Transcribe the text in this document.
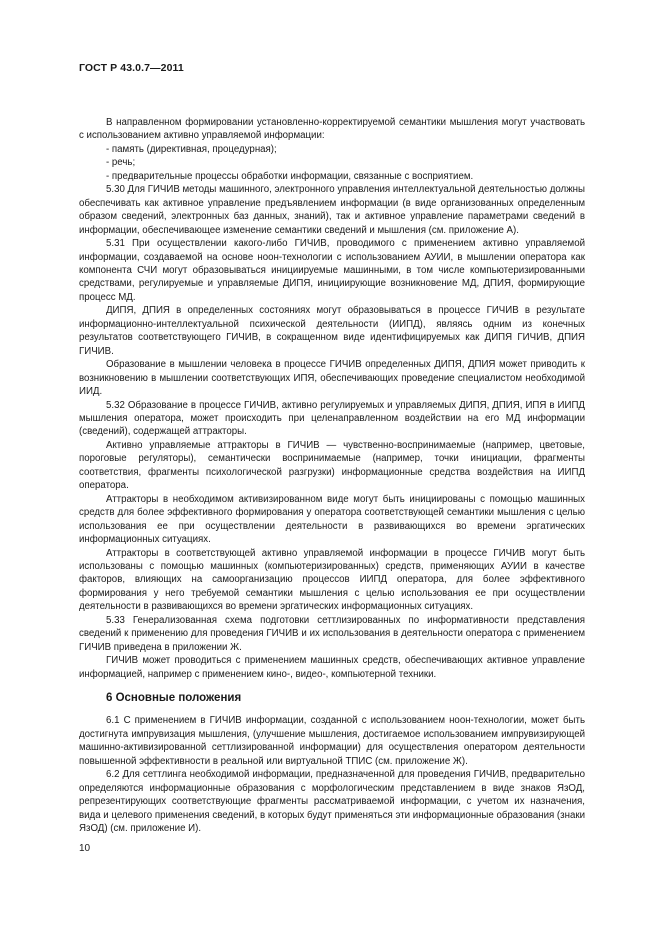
ГОСТ Р 43.0.7—2011

В направленном формировании установленно-корректируемой семантики мышления могут участвовать с использованием активно управляемой информации:

- память (директивная, процедурная);
- речь;
- предварительные процессы обработки информации, связанные с восприятием.

5.30 Для ГИЧИВ методы машинного, электронного управления интеллектуальной деятельностью должны обеспечивать как активное управление предъявлением информации (в виде организованных определенным образом сведений, электронных баз данных, знаний), так и активное управление параметрами сведений в информации, обеспечивающее изменение семантики сведений и мышления (см. приложение А).

5.31 При осуществлении какого-либо ГИЧИВ, проводимого с применением активно управляемой информации, создаваемой на основе ноон-технологии с использованием АУИИ, в мышлении оператора как компонента СЧИ могут образовываться инициируемые машинными, в том числе компьютеризированными средствами, регулируемые и управляемые ДИПЯ, инициирующие возникновение МД, ДПИЯ, формирующие процесс МД.

ДИПЯ, ДПИЯ в определенных состояниях могут образовываться в процессе ГИЧИВ в результате информационно-интеллектуальной психической деятельности (ИИПД), являясь одним из конечных результатов соответствующего ГИЧИВ, в сокращенном виде идентифицируемых как ДИПЯ ГИЧИВ, ДПИЯ ГИЧИВ.

Образование в мышлении человека в процессе ГИЧИВ определенных ДИПЯ, ДПИЯ может приводить к возникновению в мышлении соответствующих ИПЯ, обеспечивающих проведение специалистом необходимой ИИД.

5.32 Образование в процессе ГИЧИВ, активно регулируемых и управляемых ДИПЯ, ДПИЯ, ИПЯ в ИИПД мышления оператора, может происходить при целенаправленном воздействии на его МД информации (сведений), содержащей аттракторы.

Активно управляемые аттракторы в ГИЧИВ — чувственно-воспринимаемые (например, цветовые, пороговые регуляторы), семантически воспринимаемые (например, точки инициации, фрагменты соответствия, фрагменты психологической разгрузки) информационные средства воздействия на ИИПД оператора.

Аттракторы в необходимом активизированном виде могут быть инициированы с помощью машинных средств для более эффективного формирования у оператора соответствующей семантики мышления с целью использования ее при осуществлении деятельности в развивающихся во времени эргатических информационных ситуациях.

Аттракторы в соответствующей активно управляемой информации в процессе ГИЧИВ могут быть использованы с помощью машинных (компьютеризированных) средств, применяющих АУИИ в качестве факторов, влияющих на самоорганизацию процессов ИИПД оператора, для более эффективного формирования у него требуемой семантики мышления с целью использования ее при осуществлении деятельности в развивающихся во времени эргатических информационных ситуациях.

5.33 Генерализованная схема подготовки сеттлизированных по информативности представления сведений к применению для проведения ГИЧИВ и их использования в деятельности оператора с применением ГИЧИВ приведена в приложении Ж.

ГИЧИВ может проводиться с применением машинных средств, обеспечивающих активное управление информацией, например с применением кино-, видео-, компьютерной техники.

6 Основные положения

6.1 С применением в ГИЧИВ информации, созданной с использованием ноон-технологии, может быть достигнута импрувизация мышления, (улучшение мышления, достигаемое использованием импрувизирующей машинно-активизированной сеттлизированной информации) для осуществления оператором деятельности повышенной эффективности в реальной или виртуальной ТПИС (см. приложение Ж).

6.2 Для сеттлинга необходимой информации, предназначенной для проведения ГИЧИВ, предварительно определяются информационные образования с морфологическим представлением в виде знаков ЯзОД, репрезентирующих соответствующие фрагменты рассматриваемой информации, с учетом их назначения, вида и целевого применения сведений, в которых будут применяться эти информационные образования (знаки ЯзОД) (см. приложение И).

10
